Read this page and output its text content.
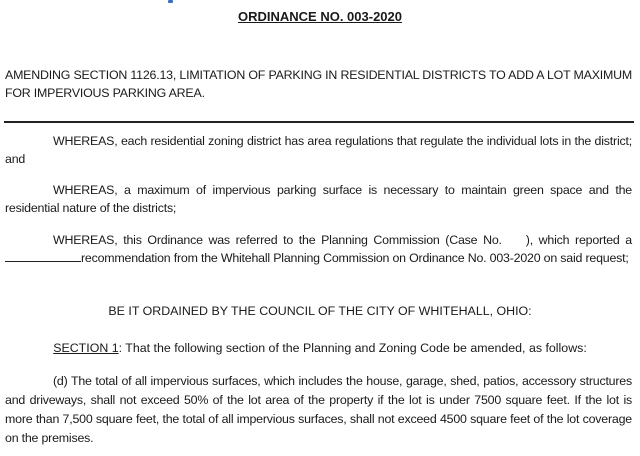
ORDINANCE NO. 003-2020
AMENDING SECTION 1126.13, LIMITATION OF PARKING IN RESIDENTIAL DISTRICTS TO ADD A LOT MAXIMUM FOR IMPERVIOUS PARKING AREA.
WHEREAS, each residential zoning district has area regulations that regulate the individual lots in the district; and
WHEREAS, a maximum of impervious parking surface is necessary to maintain green space and the residential nature of the districts;
WHEREAS, this Ordinance was referred to the Planning Commission (Case No. ), which reported a recommendation from the Whitehall Planning Commission on Ordinance No. 003-2020 on said request;
BE IT ORDAINED BY THE COUNCIL OF THE CITY OF WHITEHALL, OHIO:
SECTION 1: That the following section of the Planning and Zoning Code be amended, as follows:
(d) The total of all impervious surfaces, which includes the house, garage, shed, patios, accessory structures and driveways, shall not exceed 50% of the lot area of the property if the lot is under 7500 square feet. If the lot is more than 7,500 square feet, the total of all impervious surfaces, shall not exceed 4500 square feet of the lot coverage on the premises.
